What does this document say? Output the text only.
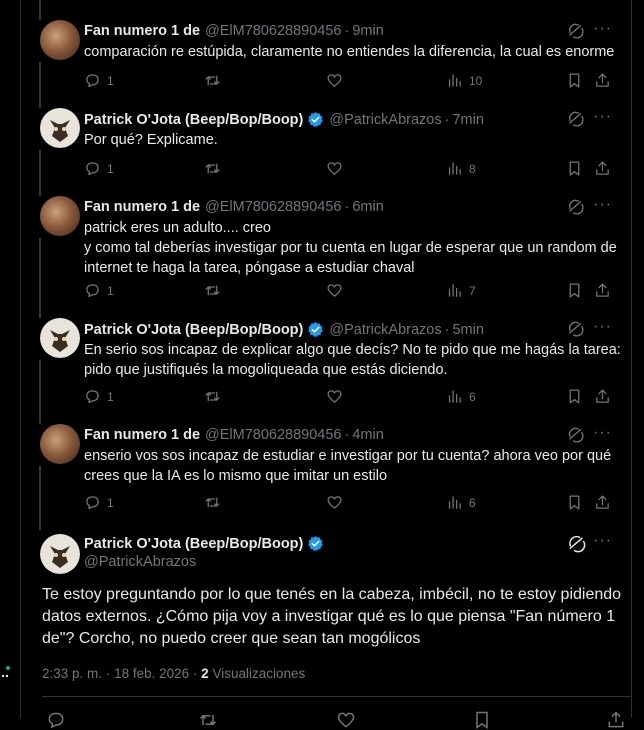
Fan numero 1 de @ElM780628890456 · 9min	···
comparación re estúpida, claramente no entiendes la diferencia, la cual es enorme
1	10
Patrick O'Jota (Beep/Bop/Boop) @PatrickAbrazos · 7min	···
Por qué? Explicame.
1	8
Fan numero 1 de @ElM780628890456 · 6min	···
patrick eres un adulto.... creo
y como tal deberías investigar por tu cuenta en lugar de esperar que un random de internet te haga la tarea, póngase a estudiar chaval
1	7
Patrick O'Jota (Beep/Bop/Boop) @PatrickAbrazos · 5min	···
En serio sos incapaz de explicar algo que decís? No te pido que me hagás la tarea: pido que justifiqués la mogoliqueada que estás diciendo.
1	6
Fan numero 1 de @ElM780628890456 · 4min	···
enserio vos sos incapaz de estudiar e investigar por tu cuenta? ahora veo por qué crees que la IA es lo mismo que imitar un estilo
1	6
Patrick O'Jota (Beep/Bop/Boop)
@PatrickAbrazos
···
Te estoy preguntando por lo que tenés en la cabeza, imbécil, no te estoy pidiendo datos externos. ¿Cómo pija voy a investigar qué es lo que piensa "Fan número 1 de"? Corcho, no puedo creer que sean tan mogólicos
2:33 p. m. · 18 feb. 2026 · 2 Visualizaciones
